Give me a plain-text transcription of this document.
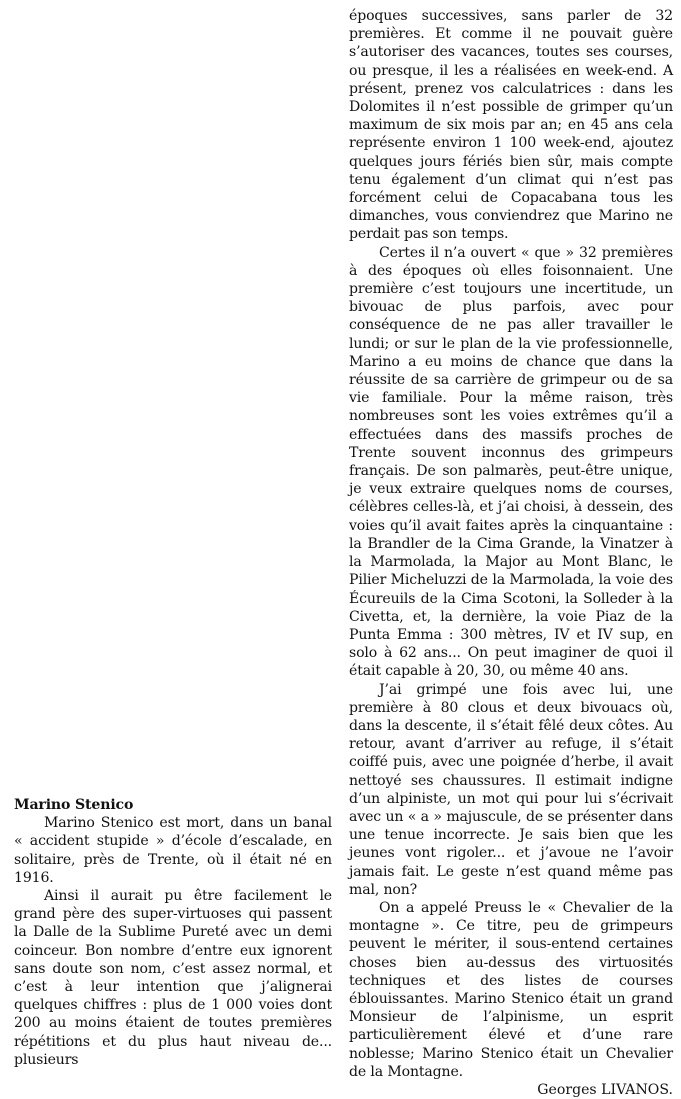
Marino Stenico

Marino Stenico est mort, dans un banal « accident stupide » d’école d’escalade, en solitaire, près de Trente, où il était né en 1916.

Ainsi il aurait pu être facilement le grand père des super-virtuoses qui passent la Dalle de la Sublime Pureté avec un demi coinceur. Bon nombre d’entre eux ignorent sans doute son nom, c’est assez normal, et c’est à leur intention que j’alignerai quelques chiffres : plus de 1 000 voies dont 200 au moins étaient de toutes premières répétitions et du plus haut niveau de... plusieurs

époques successives, sans parler de 32 premières. Et comme il ne pouvait guère s’autoriser des vacances, toutes ses courses, ou presque, il les a réalisées en week-end. A présent, prenez vos calculatrices : dans les Dolomites il n’est possible de grimper qu’un maximum de six mois par an; en 45 ans cela représente environ 1 100 week-end, ajoutez quelques jours fériés bien sûr, mais compte tenu également d’un climat qui n’est pas forcément celui de Copacabana tous les dimanches, vous conviendrez que Marino ne perdait pas son temps.

Certes il n’a ouvert « que » 32 premières à des époques où elles foisonnaient. Une première c’est toujours une incertitude, un bivouac de plus parfois, avec pour conséquence de ne pas aller travailler le lundi; or sur le plan de la vie professionnelle, Marino a eu moins de chance que dans la réussite de sa carrière de grimpeur ou de sa vie familiale. Pour la même raison, très nombreuses sont les voies extrêmes qu’il a effectuées dans des massifs proches de Trente souvent inconnus des grimpeurs français. De son palmarès, peut-être unique, je veux extraire quelques noms de courses, célèbres celles-là, et j’ai choisi, à dessein, des voies qu’il avait faites après la cinquantaine : la Brandler de la Cima Grande, la Vinatzer à la Marmolada, la Major au Mont Blanc, le Pilier Micheluzzi de la Marmolada, la voie des Écureuils de la Cima Scotoni, la Solleder à la Civetta, et, la dernière, la voie Piaz de la Punta Emma : 300 mètres, IV et IV sup, en solo à 62 ans... On peut imaginer de quoi il était capable à 20, 30, ou même 40 ans.

J’ai grimpé une fois avec lui, une première à 80 clous et deux bivouacs où, dans la descente, il s’était fêlé deux côtes. Au retour, avant d’arriver au refuge, il s’était coiffé puis, avec une poignée d’herbe, il avait nettoyé ses chaussures. Il estimait indigne d’un alpiniste, un mot qui pour lui s’écrivait avec un « a » majuscule, de se présenter dans une tenue incorrecte. Je sais bien que les jeunes vont rigoler... et j’avoue ne l’avoir jamais fait. Le geste n’est quand même pas mal, non?

On a appelé Preuss le « Chevalier de la montagne ». Ce titre, peu de grimpeurs peuvent le mériter, il sous-entend certaines choses bien au-dessus des virtuosités techniques et des listes de courses éblouissantes. Marino Stenico était un grand Monsieur de l’alpinisme, un esprit particulièrement élevé et d’une rare noblesse; Marino Stenico était un Chevalier de la Montagne.

Georges LIVANOS.
